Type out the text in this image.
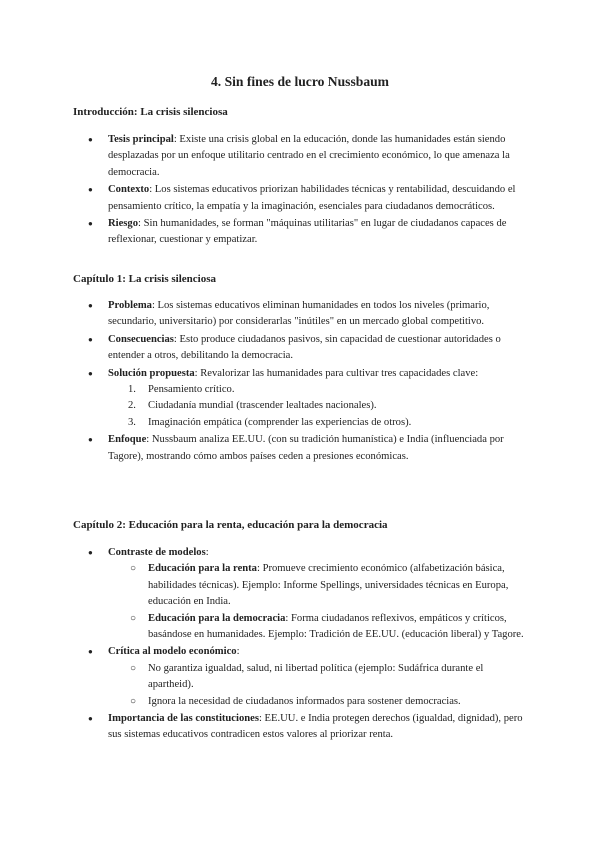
4. Sin fines de lucro Nussbaum
Introducción: La crisis silenciosa
● Tesis principal: Existe una crisis global en la educación, donde las humanidades están siendo desplazadas por un enfoque utilitario centrado en el crecimiento económico, lo que amenaza la democracia.
● Contexto: Los sistemas educativos priorizan habilidades técnicas y rentabilidad, descuidando el pensamiento crítico, la empatía y la imaginación, esenciales para ciudadanos democráticos.
● Riesgo: Sin humanidades, se forman "máquinas utilitarias" en lugar de ciudadanos capaces de reflexionar, cuestionar y empatizar.
Capítulo 1: La crisis silenciosa
● Problema: Los sistemas educativos eliminan humanidades en todos los niveles (primario, secundario, universitario) por considerarlas "inútiles" en un mercado global competitivo.
● Consecuencias: Esto produce ciudadanos pasivos, sin capacidad de cuestionar autoridades o entender a otros, debilitando la democracia.
● Solución propuesta: Revalorizar las humanidades para cultivar tres capacidades clave:
1. Pensamiento crítico.
2. Ciudadanía mundial (trascender lealtades nacionales).
3. Imaginación empática (comprender las experiencias de otros).
● Enfoque: Nussbaum analiza EE.UU. (con su tradición humanística) e India (influenciada por Tagore), mostrando cómo ambos países ceden a presiones económicas.
Capítulo 2: Educación para la renta, educación para la democracia
● Contraste de modelos:
○ Educación para la renta: Promueve crecimiento económico (alfabetización básica, habilidades técnicas). Ejemplo: Informe Spellings, universidades técnicas en Europa, educación en India.
○ Educación para la democracia: Forma ciudadanos reflexivos, empáticos y críticos, basándose en humanidades. Ejemplo: Tradición de EE.UU. (educación liberal) y Tagore.
● Crítica al modelo económico:
○ No garantiza igualdad, salud, ni libertad política (ejemplo: Sudáfrica durante el apartheid).
○ Ignora la necesidad de ciudadanos informados para sostener democracias.
● Importancia de las constituciones: EE.UU. e India protegen derechos (igualdad, dignidad), pero sus sistemas educativos contradicen estos valores al priorizar renta.
